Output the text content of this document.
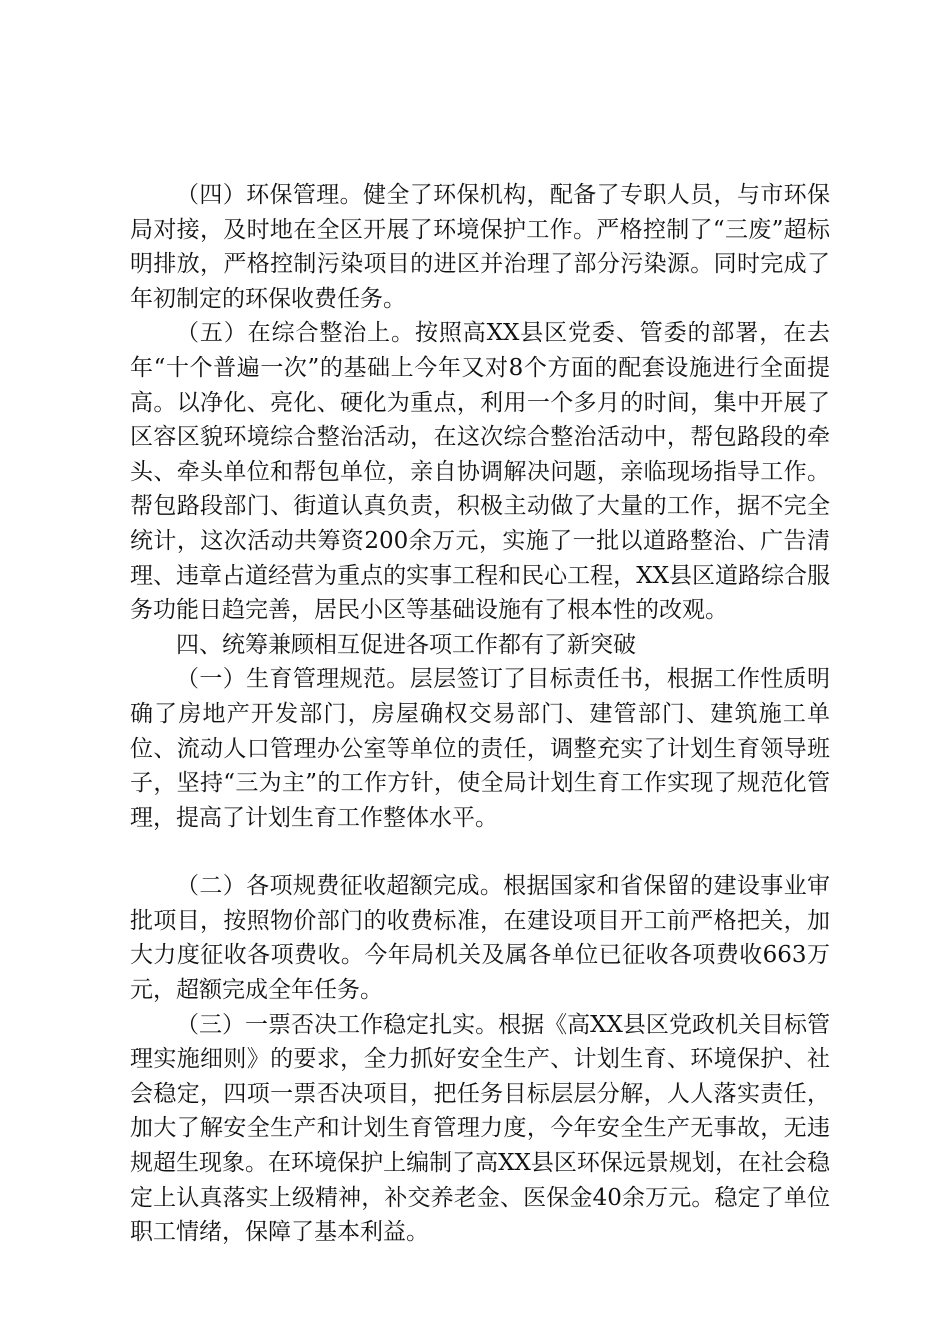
（四）环保管理。健全了环保机构，配备了专职人员，与市环保局对接，及时地在全区开展了环境保护工作。严格控制了“三废”超标明排放，严格控制污染项目的进区并治理了部分污染源。同时完成了年初制定的环保收费任务。

（五）在综合整治上。按照高XX县区党委、管委的部署，在去年“十个普遍一次”的基础上今年又对8个方面的配套设施进行全面提高。以净化、亮化、硬化为重点，利用一个多月的时间，集中开展了区容区貌环境综合整治活动，在这次综合整治活动中，帮包路段的牵头、牵头单位和帮包单位，亲自协调解决问题，亲临现场指导工作。帮包路段部门、街道认真负责，积极主动做了大量的工作，据不完全统计，这次活动共筹资200余万元，实施了一批以道路整治、广告清理、违章占道经营为重点的实事工程和民心工程，XX县区道路综合服务功能日趋完善，居民小区等基础设施有了根本性的改观。

四、统筹兼顾相互促进各项工作都有了新突破

（一）生育管理规范。层层签订了目标责任书，根据工作性质明确了房地产开发部门，房屋确权交易部门、建管部门、建筑施工单位、流动人口管理办公室等单位的责任，调整充实了计划生育领导班子，坚持“三为主”的工作方针，使全局计划生育工作实现了规范化管理，提高了计划生育工作整体水平。

（二）各项规费征收超额完成。根据国家和省保留的建设事业审批项目，按照物价部门的收费标准，在建设项目开工前严格把关，加大力度征收各项费收。今年局机关及属各单位已征收各项费收663万元，超额完成全年任务。

（三）一票否决工作稳定扎实。根据《高XX县区党政机关目标管理实施细则》的要求，全力抓好安全生产、计划生育、环境保护、社会稳定，四项一票否决项目，把任务目标层层分解，人人落实责任，加大了解安全生产和计划生育管理力度，今年安全生产无事故，无违规超生现象。在环境保护上编制了高XX县区环保远景规划，在社会稳定上认真落实上级精神，补交养老金、医保金40余万元。稳定了单位职工情绪，保障了基本利益。
